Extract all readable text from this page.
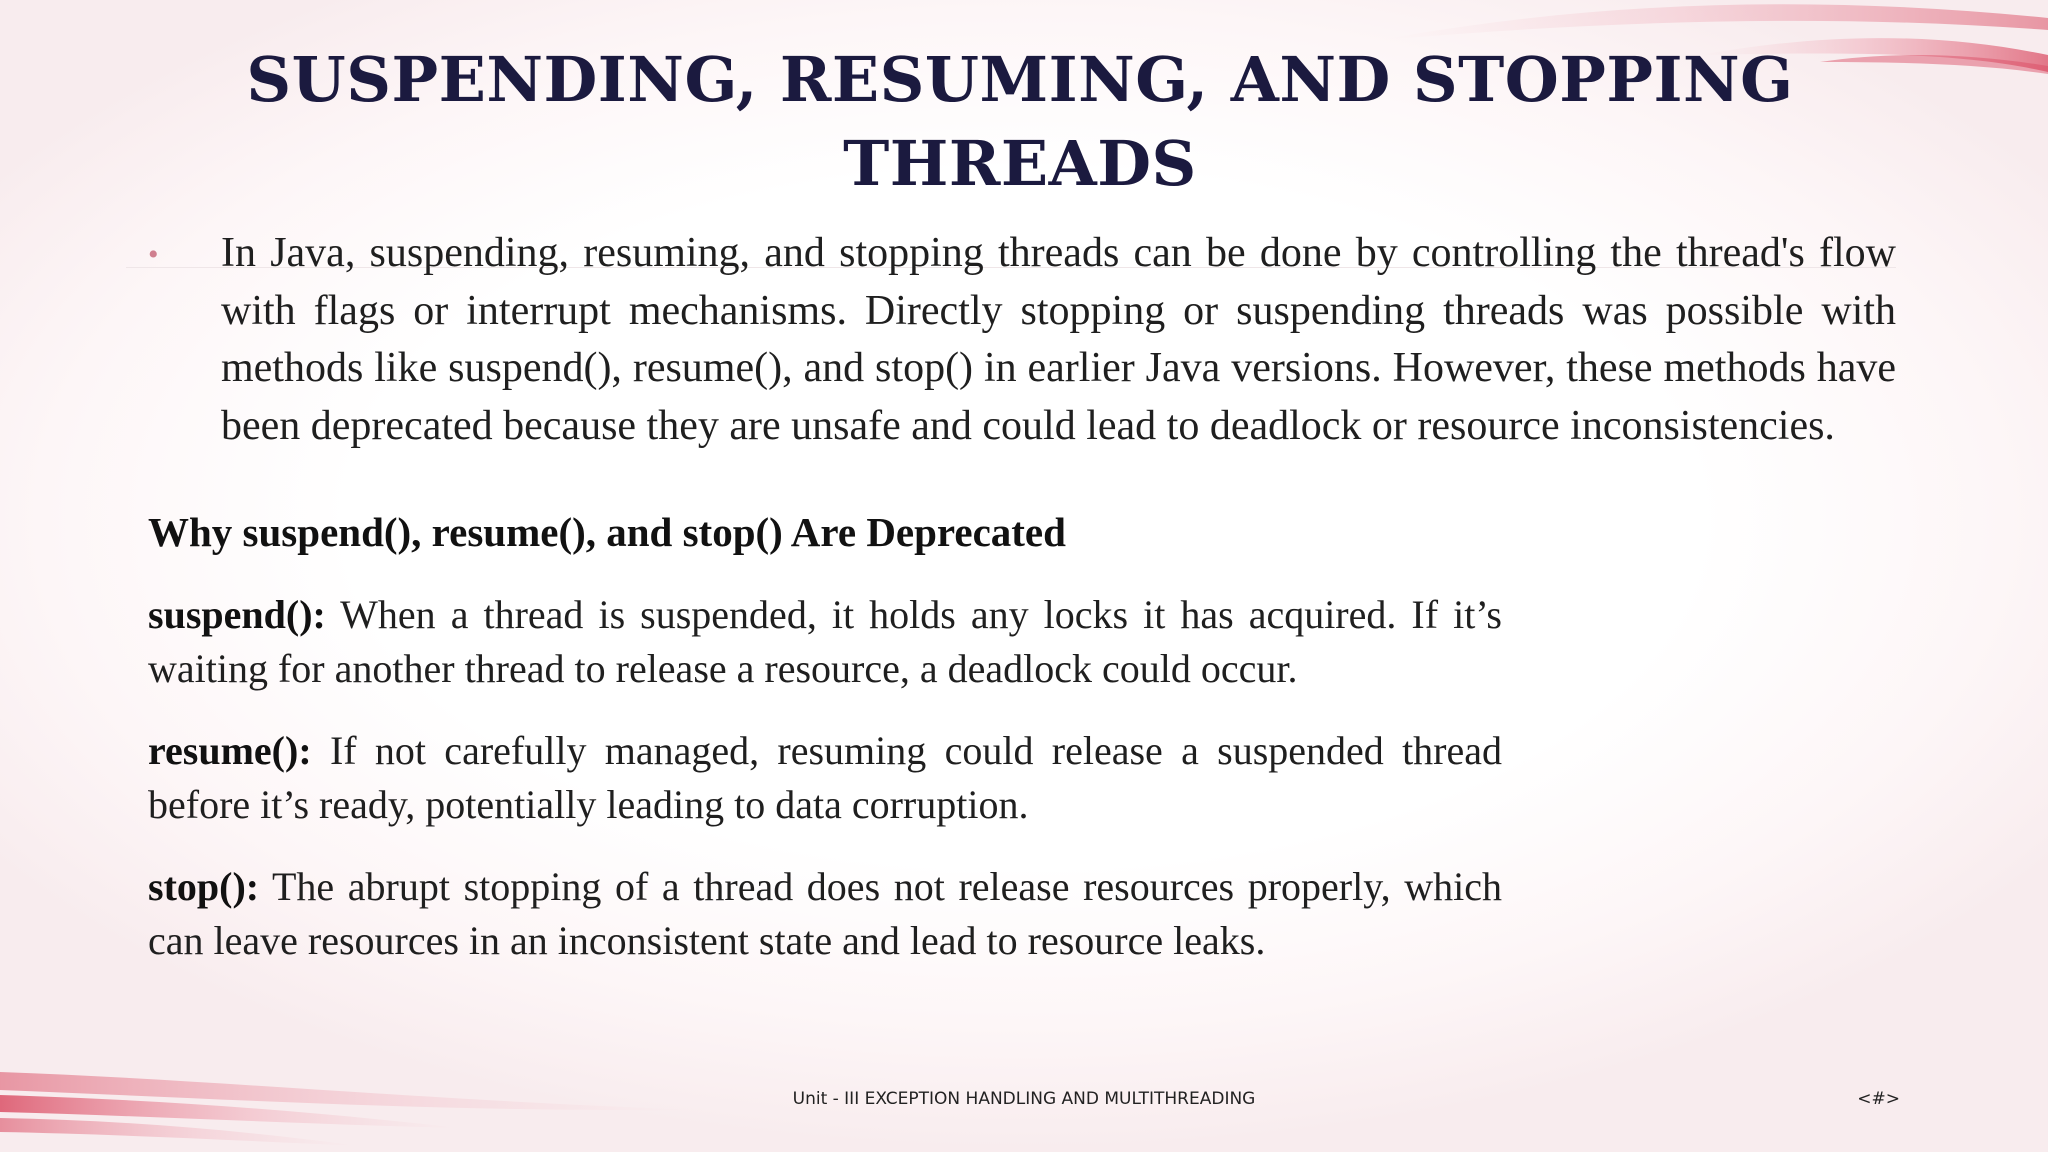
SUSPENDING, RESUMING, AND STOPPING THREADS
• In Java, suspending, resuming, and stopping threads can be done by controlling the thread's flow with flags or interrupt mechanisms. Directly stopping or suspending threads was possible with methods like suspend(), resume(), and stop() in earlier Java versions. However, these methods have been deprecated because they are unsafe and could lead to deadlock or resource inconsistencies.
Why suspend(), resume(), and stop() Are Deprecated
suspend(): When a thread is suspended, it holds any locks it has acquired. If it’s waiting for another thread to release a resource, a deadlock could occur.
resume(): If not carefully managed, resuming could release a suspended thread before it’s ready, potentially leading to data corruption.
stop(): The abrupt stopping of a thread does not release resources properly, which can leave resources in an inconsistent state and lead to resource leaks.
Unit - III EXCEPTION HANDLING AND MULTITHREADING	<#>
